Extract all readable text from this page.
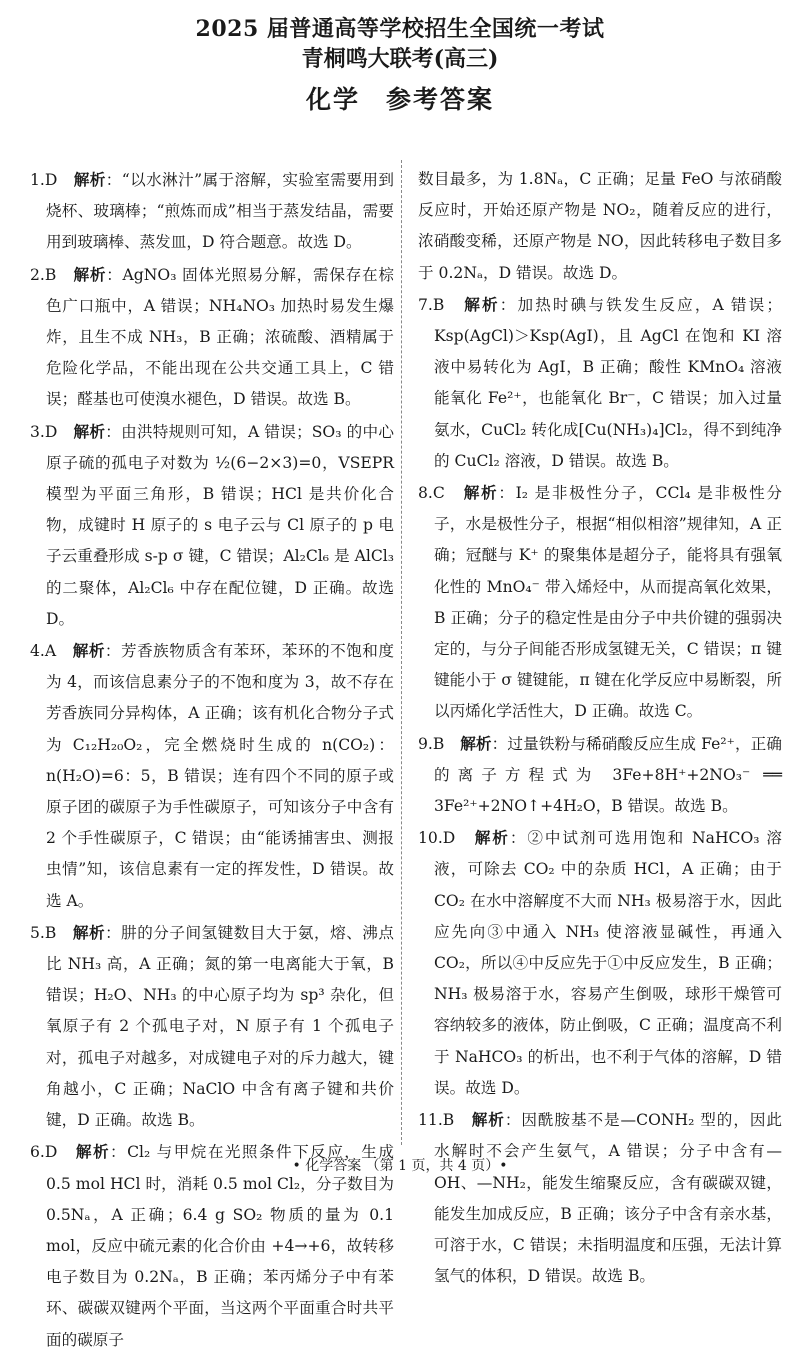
2025 届普通高等学校招生全国统一考试
青桐鸣大联考(高三)
化学 参考答案

1.D　 解析：“以水淋汁”属于溶解，实验室需要用到烧杯、玻璃棒；“煎炼而成”相当于蒸发结晶，需要用到玻璃棒、蒸发皿，D 符合题意。故选 D。

2.B　 解析：AgNO₃ 固体光照易分解，需保存在棕色广口瓶中，A 错误；NH₄NO₃ 加热时易发生爆炸，且生不成 NH₃，B 正确；浓硫酸、酒精属于危险化学品，不能出现在公共交通工具上，C 错误；醛基也可使溴水褪色，D 错误。故选 B。

3.D　 解析：由洪特规则可知，A 错误；SO₃ 的中心原子硫的孤电子对数为 ½(6−2×3)=0，VSEPR 模型为平面三角形，B 错误；HCl 是共价化合物，成键时 H 原子的 s 电子云与 Cl 原子的 p 电子云重叠形成 s-p σ 键，C 错误；Al₂Cl₆ 是 AlCl₃ 的二聚体，Al₂Cl₆ 中存在配位键，D 正确。故选 D。

4.A　 解析：芳香族物质含有苯环，苯环的不饱和度为 4，而该信息素分子的不饱和度为 3，故不存在芳香族同分异构体，A 正确；该有机化合物分子式为 C₁₂H₂₀O₂，完全燃烧时生成的 n(CO₂)：n(H₂O)=6：5，B 错误；连有四个不同的原子或原子团的碳原子为手性碳原子，可知该分子中含有 2 个手性碳原子，C 错误；由“能诱捕害虫、测报虫情”知，该信息素有一定的挥发性，D 错误。故选 A。

5.B　 解析：肼的分子间氢键数目大于氨，熔、沸点比 NH₃ 高，A 正确；氮的第一电离能大于氧，B 错误；H₂O、NH₃ 的中心原子均为 sp³ 杂化，但氧原子有 2 个孤电子对，N 原子有 1 个孤电子对，孤电子对越多，对成键电子对的斥力越大，键角越小，C 正确；NaClO 中含有离子键和共价键，D 正确。故选 B。

6.D　 解析：Cl₂ 与甲烷在光照条件下反应，生成 0.5 mol HCl 时，消耗 0.5 mol Cl₂，分子数目为 0.5Nₐ，A 正确；6.4 g SO₂ 物质的量为 0.1 mol，反应中硫元素的化合价由 +4→+6，故转移电子数目为 0.2Nₐ，B 正确；苯丙烯分子中有苯环、碳碳双键两个平面，当这两个平面重合时共平面的碳原子

数目最多，为 1.8Nₐ，C 正确；足量 FeO 与浓硝酸反应时，开始还原产物是 NO₂，随着反应的进行，浓硝酸变稀，还原产物是 NO，因此转移电子数目多于 0.2Nₐ，D 错误。故选 D。

7.B　 解析：加热时碘与铁发生反应，A 错误；Ksp(AgCl)＞Ksp(AgI)，且 AgCl 在饱和 KI 溶液中易转化为 AgI，B 正确；酸性 KMnO₄ 溶液能氧化 Fe²⁺，也能氧化 Br⁻，C 错误；加入过量氨水，CuCl₂ 转化成[Cu(NH₃)₄]Cl₂，得不到纯净的 CuCl₂ 溶液，D 错误。故选 B。

8.C　 解析：I₂ 是非极性分子，CCl₄ 是非极性分子，水是极性分子，根据“相似相溶”规律知，A 正确；冠醚与 K⁺ 的聚集体是超分子，能将具有强氧化性的 MnO₄⁻ 带入烯烃中，从而提高氧化效果，B 正确；分子的稳定性是由分子中共价键的强弱决定的，与分子间能否形成氢键无关，C 错误；π 键键能小于 σ 键键能，π 键在化学反应中易断裂，所以丙烯化学活性大，D 正确。故选 C。

9.B　 解析：过量铁粉与稀硝酸反应生成 Fe²⁺，正确的离子方程式为 3Fe+8H⁺+2NO₃⁻ ══ 3Fe²⁺+2NO↑+4H₂O，B 错误。故选 B。

10.D　 解析：②中试剂可选用饱和 NaHCO₃ 溶液，可除去 CO₂ 中的杂质 HCl，A 正确；由于 CO₂ 在水中溶解度不大而 NH₃ 极易溶于水，因此应先向③中通入 NH₃ 使溶液显碱性，再通入 CO₂，所以④中反应先于①中反应发生，B 正确；NH₃ 极易溶于水，容易产生倒吸，球形干燥管可容纳较多的液体，防止倒吸，C 正确；温度高不利于 NaHCO₃ 的析出，也不利于气体的溶解，D 错误。故选 D。

11.B　 解析：因酰胺基不是—CONH₂ 型的，因此水解时不会产生氨气，A 错误；分子中含有—OH、—NH₂，能发生缩聚反应，含有碳碳双键，能发生加成反应，B 正确；该分子中含有亲水基，可溶于水，C 错误；未指明温度和压强，无法计算氢气的体积，D 错误。故选 B。

• 化学答案 （第 1 页，共 4 页）•
